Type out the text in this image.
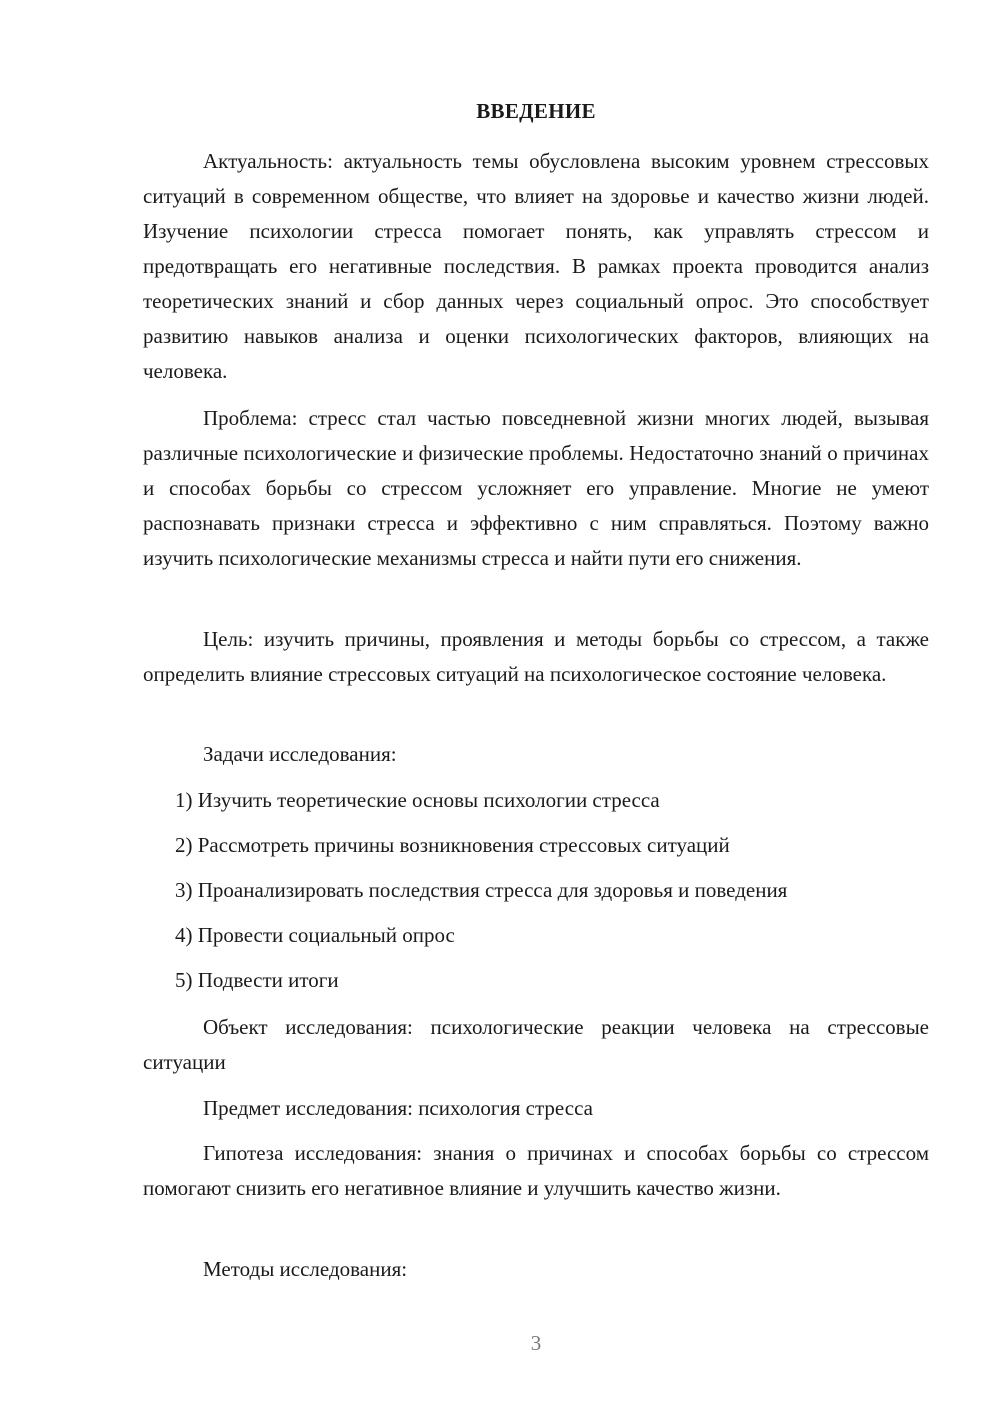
ВВЕДЕНИЕ

Актуальность: актуальность темы обусловлена высоким уровнем стрессовых ситуаций в современном обществе, что влияет на здоровье и качество жизни людей. Изучение психологии стресса помогает понять, как управлять стрессом и предотвращать его негативные последствия. В рамках проекта проводится анализ теоретических знаний и сбор данных через социальный опрос. Это способствует развитию навыков анализа и оценки психологических факторов, влияющих на человека.

Проблема: стресс стал частью повседневной жизни многих людей, вызывая различные психологические и физические проблемы. Недостаточно знаний о причинах и способах борьбы со стрессом усложняет его управление. Многие не умеют распознавать признаки стресса и эффективно с ним справляться. Поэтому важно изучить психологические механизмы стресса и найти пути его снижения.

Цель: изучить причины, проявления и методы борьбы со стрессом, а также определить влияние стрессовых ситуаций на психологическое состояние человека.

Задачи исследования:
1) Изучить теоретические основы психологии стресса
2) Рассмотреть причины возникновения стрессовых ситуаций
3) Проанализировать последствия стресса для здоровья и поведения
4) Провести социальный опрос
5) Подвести итоги

Объект исследования: психологические реакции человека на стрессовые ситуации

Предмет исследования: психология стресса

Гипотеза исследования: знания о причинах и способах борьбы со стрессом помогают снизить его негативное влияние и улучшить качество жизни.

Методы исследования:
3
